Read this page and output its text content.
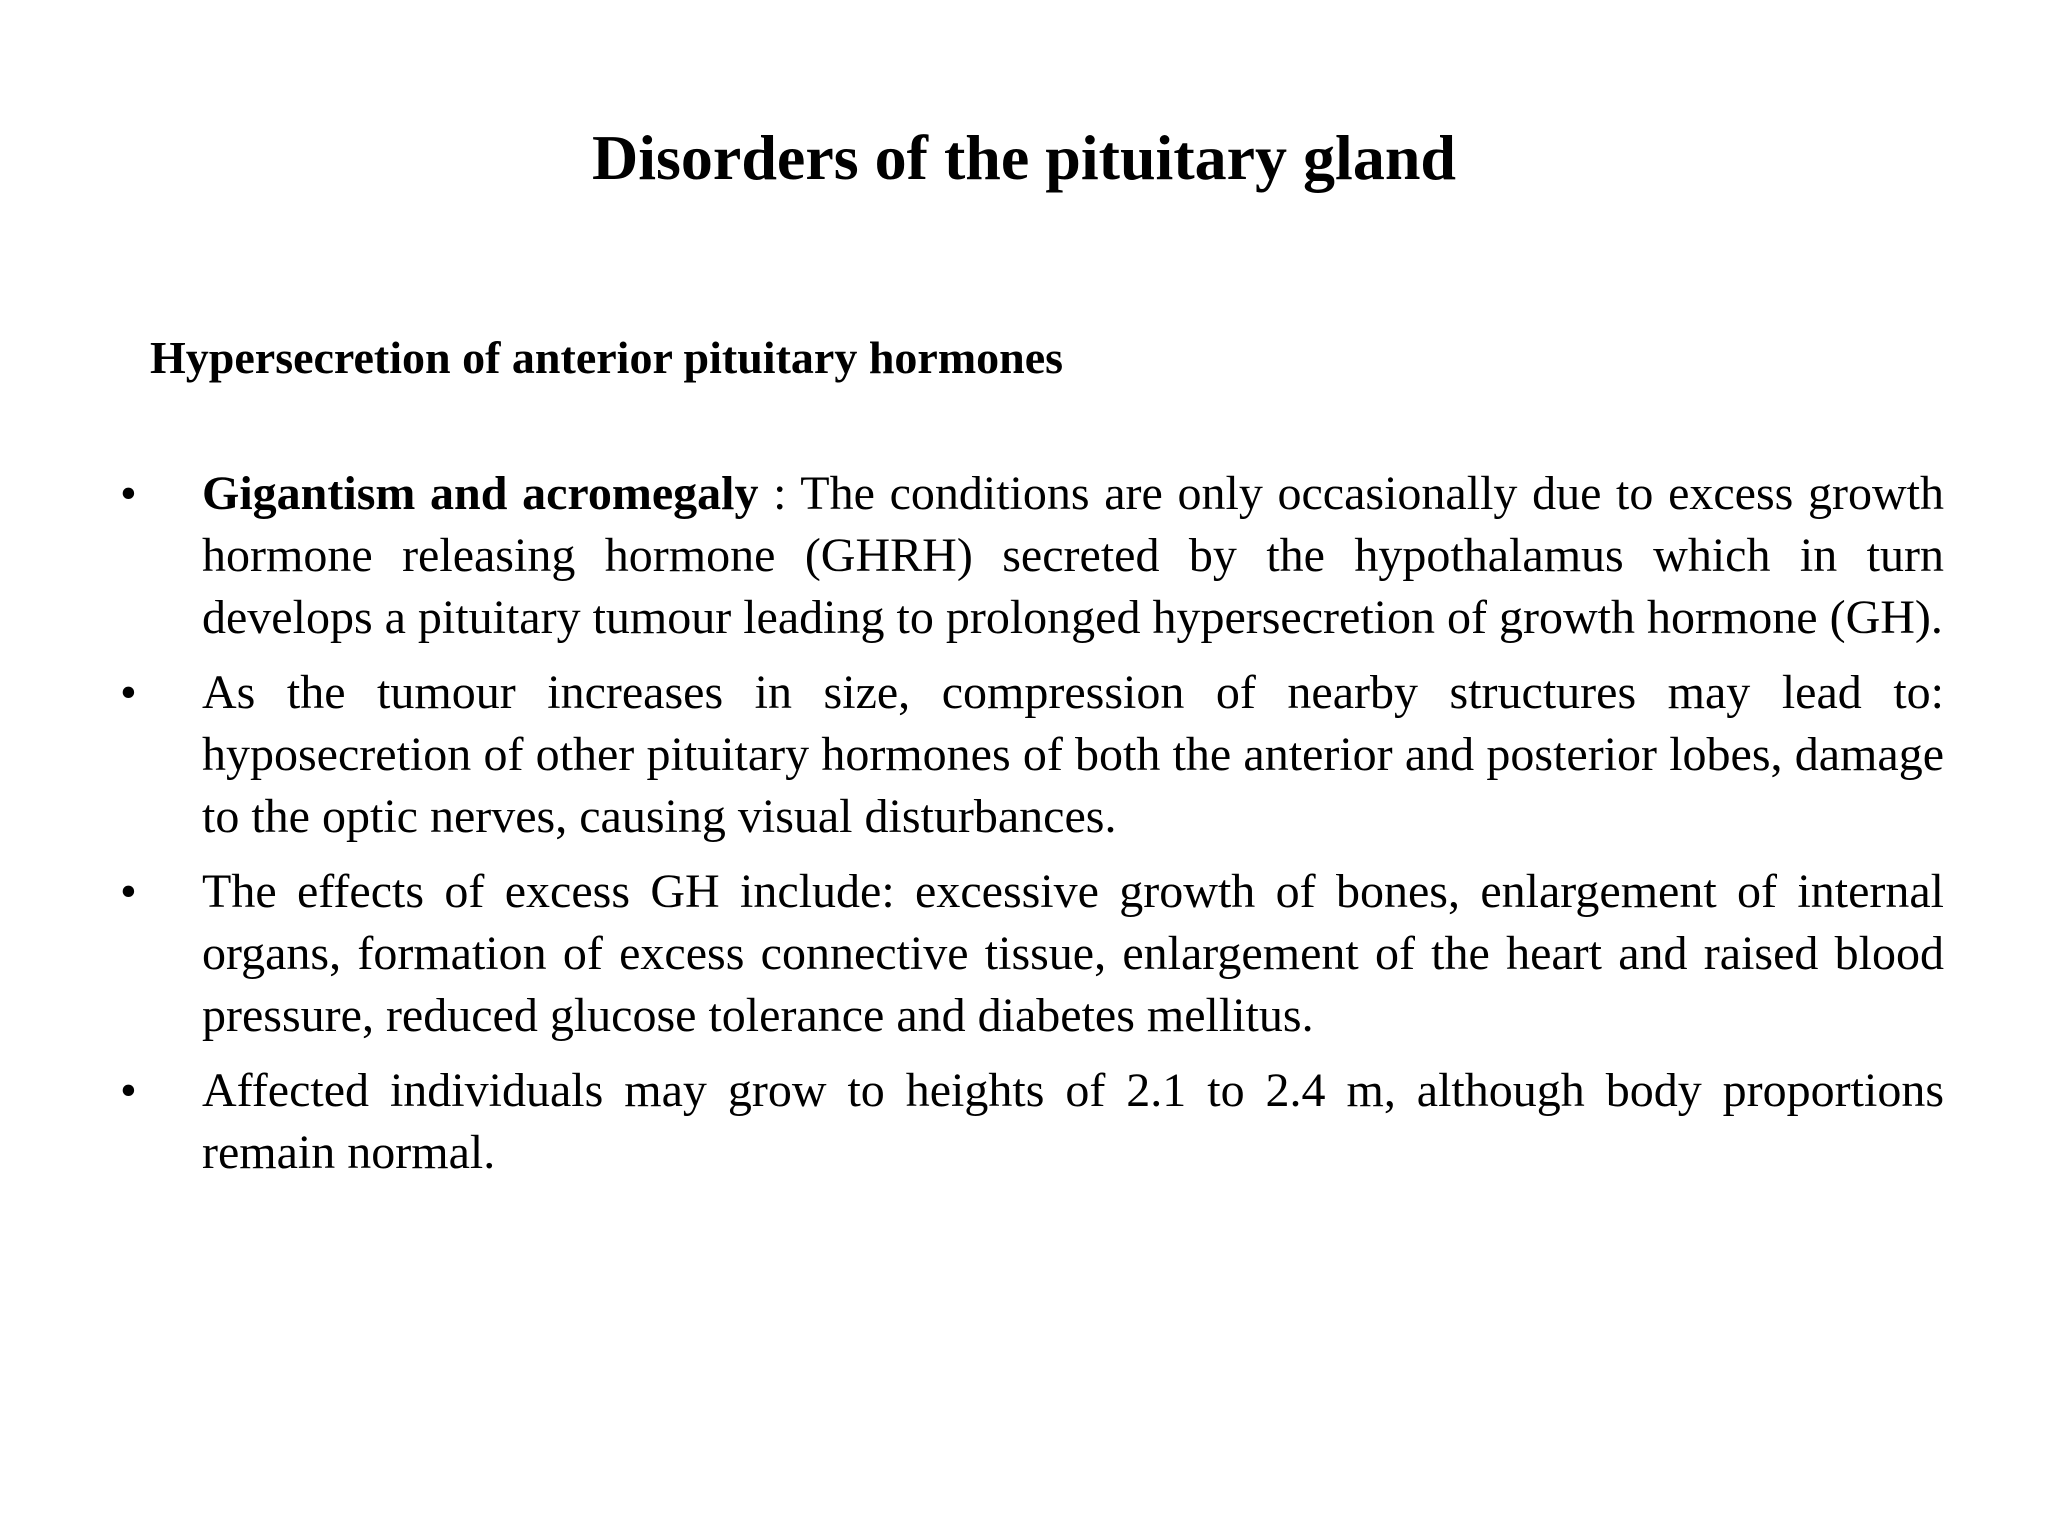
Disorders of the pituitary gland
Hypersecretion of anterior pituitary hormones
• Gigantism and acromegaly : The conditions are only occasionally due to excess growth hormone releasing hormone (GHRH) secreted by the hypothalamus which in turn develops a pituitary tumour leading to prolonged hypersecretion of growth hormone (GH).
• As the tumour increases in size, compression of nearby structures may lead to: hyposecretion of other pituitary hormones of both the anterior and posterior lobes, damage to the optic nerves, causing visual disturbances.
• The effects of excess GH include: excessive growth of bones, enlargement of internal organs, formation of excess connective tissue, enlargement of the heart and raised blood pressure, reduced glucose tolerance and diabetes mellitus.
• Affected individuals may grow to heights of 2.1 to 2.4 m, although body proportions remain normal.
